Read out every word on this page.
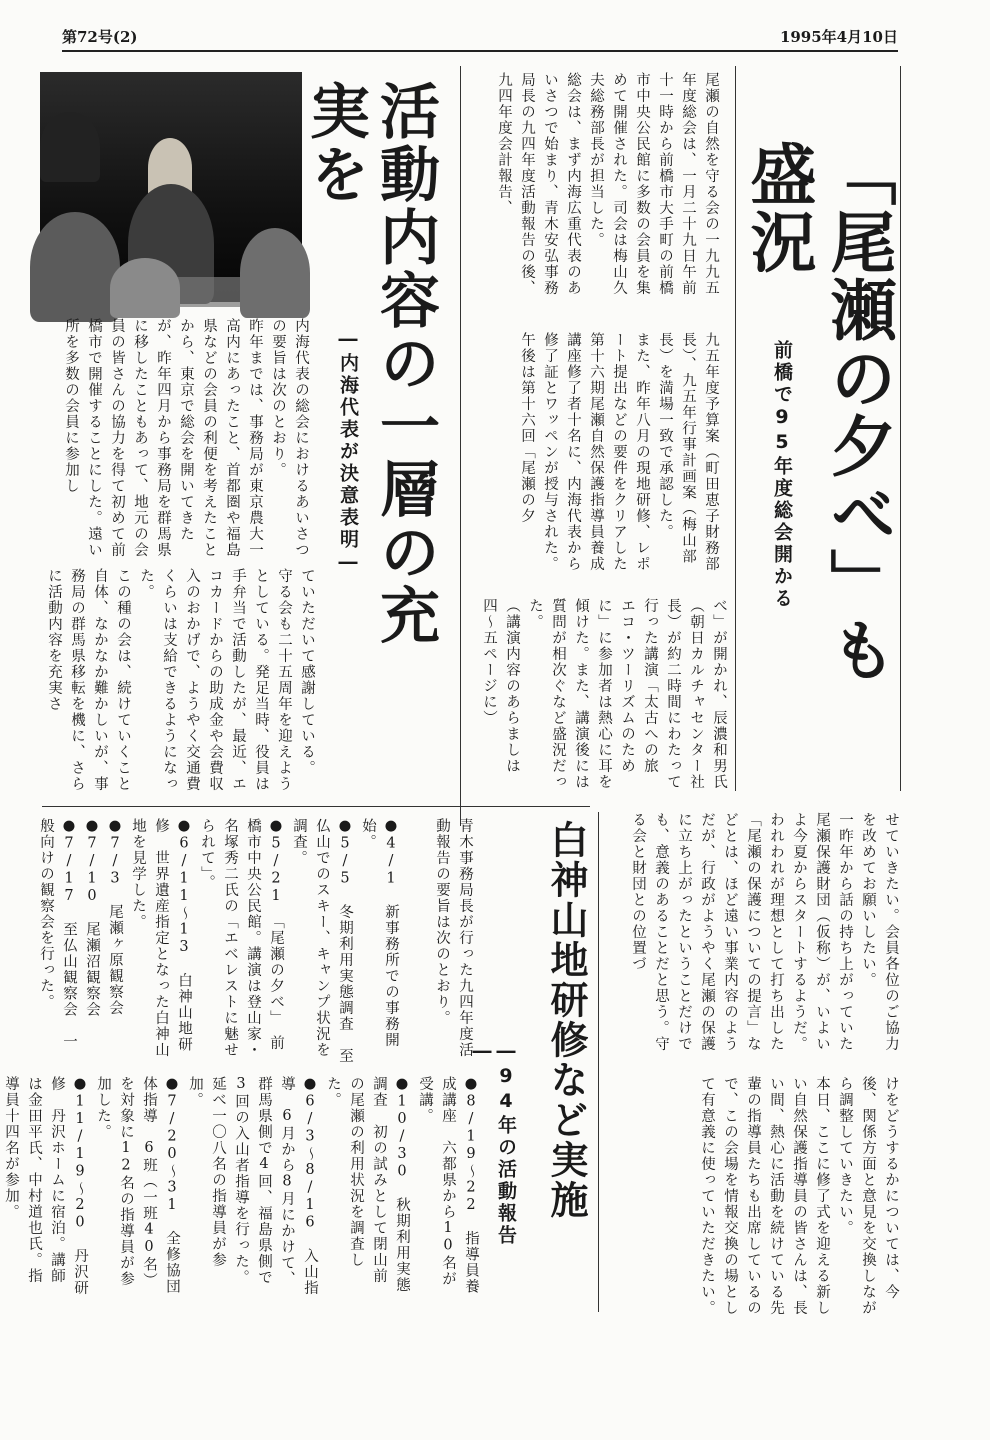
第72号(2)	1995年4月10日
「尾瀬の夕べ」も盛況
前橋で95年度総会開かる
尾瀬の自然を守る会の一九九五年度総会は、一月二十九日午前十一時から前橋市大手町の前橋市中央公民館に多数の会員を集めて開催された。司会は梅山久夫総務部長が担当した。
総会は、まず内海広重代表のあいさつで始まり、青木安弘事務局長の九四年度活動報告の後、九四年度会計報告、
九五年度予算案（町田恵子財務部長）、九五年行事計画案（梅山部長）を満場一致で承認した。
また、昨年八月の現地研修、レポート提出などの要件をクリアした第十六期尾瀬自然保護指導員養成講座修了者十名に、内海代表から修了証とワッペンが授与された。
午後は第十六回「尾瀬の夕
べ」が開かれ、辰濃和男氏（朝日カルチャセンター社長）が約二時間にわたって行った講演「太古への旅　エコ・ツーリズムのために」に参加者は熱心に耳を傾けた。また、講演後には質問が相次ぐなど盛況だった。
（講演内容のあらましは四〜五ページに）
活動内容の一層の充実を
―内海代表が決意表明―
内海代表の総会におけるあいさつの要旨は次のとおり。
昨年までは、事務局が東京農大一高内にあったこと、首都圏や福島県などの会員の利便を考えたことから、東京で総会を開いてきたが、昨年四月から事務局を群馬県に移したこともあって、地元の会員の皆さんの協力を得て初めて前橋市で開催することにした。遠い所を多数の会員に参加し
ていただいて感謝している。
守る会も二十五周年を迎えようとしている。発足当時、役員は手弁当で活動したが、最近、エコカードからの助成金や会費収入のおかげで、ようやく交通費くらいは支給できるようになった。
この種の会は、続けていくこと自体、なかなか難かしいが、事務局の群馬県移転を機に、さらに活動内容を充実さ
せていきたい。会員各位のご協力を改めてお願いしたい。
一昨年から話の持ち上がっていた尾瀬保護財団（仮称）が、いよいよ今夏からスタートするようだ。われわれが理想として打ち出した「尾瀬の保護についての提言」などとは、ほど遠い事業内容のようだが、行政がようやく尾瀬の保護に立ち上がったということだけでも、意義のあることだと思う。守る会と財団との位置づ
けをどうするかについては、今後、関係方面と意見を交換しながら調整していきたい。
本日、ここに修了式を迎える新しい自然保護指導員の皆さんは、長い間、熱心に活動を続けている先輩の指導員たちも出席しているので、この会場を情報交換の場として有意義に使っていただきたい。
白神山地研修など実施
―94年の活動報告―
青木事務局長が行った九四年度活動報告の要旨は次のとおり。
●4/1　新事務所での事務開始。
●5/5　冬期利用実態調査　至仏山でのスキー、キャンプ状況を調査。
●5/21　「尾瀬の夕べ」　前橋市中央公民館。講演は登山家・名塚秀二氏の「エベレストに魅せられて」。
●6/11〜13　白神山地研修　世界遺産指定となった白神山地を見学した。
●7/3　尾瀬ヶ原観察会
●7/10　尾瀬沼観察会
●7/17　至仏山観察会　一般向けの観察会を行った。
●8/19〜22　指導員養成講座　六都県から10名が受講。
●10/30　秋期利用実態調査　初の試みとして閉山前の尾瀬の利用状況を調査した。
●6/3〜8/16　入山指導　6月から8月にかけて、群馬県側で4回、福島県側で3回の入山者指導を行った。延べ一〇八名の指導員が参加。
●7/20〜31　全修協団体指導　6班（一班40名）を対象に12名の指導員が参加した。
●11/19〜20　丹沢研修　丹沢ホームに宿泊。講師は金田平氏、中村道也氏。指導員十四名が参加。
